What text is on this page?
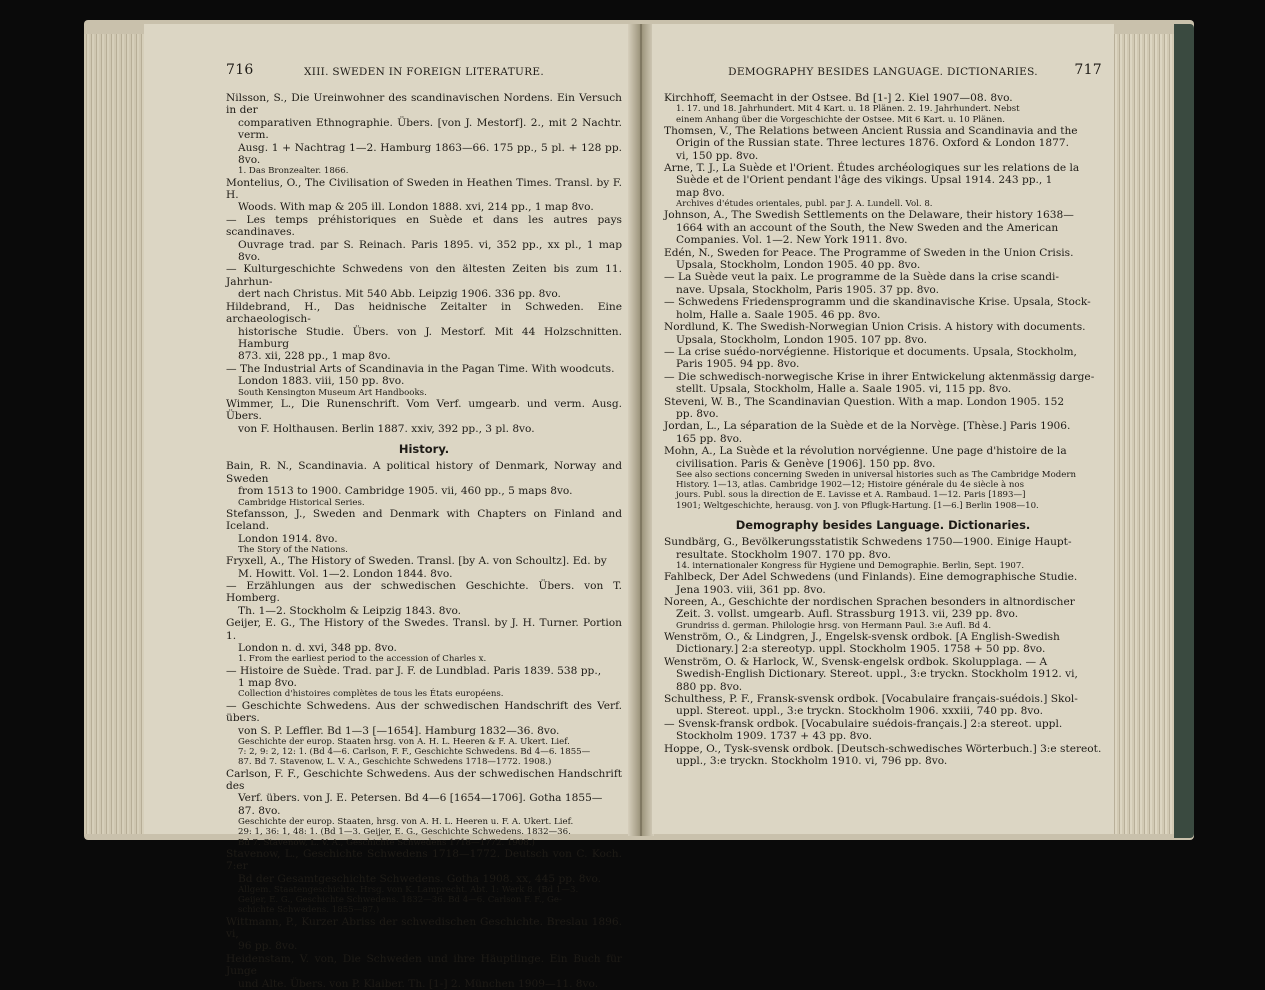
716	XIII. SWEDEN IN FOREIGN LITERATURE.
Nilsson, S., Die Ureinwohner des scandinavischen Nordens. Ein Versuch in der
comparativen Ethnographie. Übers. [von J. Mestorf]. 2., mit 2 Nachtr. verm.
Ausg. 1 + Nachtrag 1—2. Hamburg 1863—66. 175 pp., 5 pl. + 128 pp. 8vo.
1. Das Bronzealter. 1866.
Montelius, O., The Civilisation of Sweden in Heathen Times. Transl. by F. H.
Woods. With map & 205 ill. London 1888. xvi, 214 pp., 1 map 8vo.
— Les temps préhistoriques en Suède et dans les autres pays scandinaves.
Ouvrage trad. par S. Reinach. Paris 1895. vi, 352 pp., xx pl., 1 map 8vo.
— Kulturgeschichte Schwedens von den ältesten Zeiten bis zum 11. Jahrhun-
dert nach Christus. Mit 540 Abb. Leipzig 1906. 336 pp. 8vo.
Hildebrand, H., Das heidnische Zeitalter in Schweden. Eine archaeologisch-
historische Studie. Übers. von J. Mestorf. Mit 44 Holzschnitten. Hamburg
873. xii, 228 pp., 1 map 8vo.
— The Industrial Arts of Scandinavia in the Pagan Time. With woodcuts.
London 1883. viii, 150 pp. 8vo.
South Kensington Museum Art Handbooks.
Wimmer, L., Die Runenschrift. Vom Verf. umgearb. und verm. Ausg. Übers.
von F. Holthausen. Berlin 1887. xxiv, 392 pp., 3 pl. 8vo.
History.
Bain, R. N., Scandinavia. A political history of Denmark, Norway and Sweden
from 1513 to 1900. Cambridge 1905. vii, 460 pp., 5 maps 8vo.
Cambridge Historical Series.
Stefansson, J., Sweden and Denmark with Chapters on Finland and Iceland.
London 1914. 8vo.
The Story of the Nations.
Fryxell, A., The History of Sweden. Transl. [by A. von Schoultz]. Ed. by
M. Howitt. Vol. 1—2. London 1844. 8vo.
— Erzählungen aus der schwedischen Geschichte. Übers. von T. Homberg.
Th. 1—2. Stockholm & Leipzig 1843. 8vo.
Geijer, E. G., The History of the Swedes. Transl. by J. H. Turner. Portion 1.
London n. d. xvi, 348 pp. 8vo.
1. From the earliest period to the accession of Charles x.
— Histoire de Suède. Trad. par J. F. de Lundblad. Paris 1839. 538 pp.,
1 map 8vo.
Collection d'histoires complètes de tous les États européens.
— Geschichte Schwedens. Aus der schwedischen Handschrift des Verf. übers.
von S. P. Leffler. Bd 1—3 [—1654]. Hamburg 1832—36. 8vo.
Geschichte der europ. Staaten hrsg. von A. H. L. Heeren & F. A. Ukert. Lief.
7: 2, 9: 2, 12: 1. (Bd 4—6. Carlson, F. F., Geschichte Schwedens. Bd 4—6. 1855—
87. Bd 7. Stavenow, L. V. A., Geschichte Schwedens 1718—1772. 1908.)
Carlson, F. F., Geschichte Schwedens. Aus der schwedischen Handschrift des
Verf. übers. von J. E. Petersen. Bd 4—6 [1654—1706]. Gotha 1855—
87. 8vo.
Geschichte der europ. Staaten, hrsg. von A. H. L. Heeren u. F. A. Ukert. Lief.
29: 1, 36: 1, 48: 1. (Bd 1—3. Geijer, E. G., Geschichte Schwedens. 1832—36.
Bd 7. Stavenow, L. V. A., Geschichte Schwedens 1718—1772. 1908.)
Stavenow, L., Geschichte Schwedens 1718—1772. Deutsch von C. Koch. 7:er
Bd der Gesamtgeschichte Schwedens. Gotha 1908. xx, 445 pp. 8vo.
Allgem. Staatengeschichte. Hrsg. von K. Lamprecht. Abt. 1: Werk 8. (Bd 1—3.
Geijer, E. G., Geschichte Schwedens. 1832—36. Bd 4—6. Carlson F. F., Ge-
schichte Schwedens. 1855—87.)
Wittmann, P., Kurzer Abriss der schwedischen Geschichte. Breslau 1896. vi,
96 pp. 8vo.
Heidenstam, V. von, Die Schweden und ihre Häuptlinge. Ein Buch für Junge
und Alte. Übers. von P. Klaiber. Th. [1-] 2. München 1909—11. 8vo.
DEMOGRAPHY BESIDES LANGUAGE. DICTIONARIES.	717
Kirchhoff, Seemacht in der Ostsee. Bd [1-] 2. Kiel 1907—08. 8vo.
1. 17. und 18. Jahrhundert. Mit 4 Kart. u. 18 Plänen. 2. 19. Jahrhundert. Nebst
einem Anhang über die Vorgeschichte der Ostsee. Mit 6 Kart. u. 10 Plänen.
Thomsen, V., The Relations between Ancient Russia and Scandinavia and the
Origin of the Russian state. Three lectures 1876. Oxford & London 1877.
vi, 150 pp. 8vo.
Arne, T. J., La Suède et l'Orient. Études archéologiques sur les relations de la
Suède et de l'Orient pendant l'âge des vikings. Upsal 1914. 243 pp., 1
map 8vo.
Archives d'études orientales, publ. par J. A. Lundell. Vol. 8.
Johnson, A., The Swedish Settlements on the Delaware, their history 1638—
1664 with an account of the South, the New Sweden and the American
Companies. Vol. 1—2. New York 1911. 8vo.
Edén, N., Sweden for Peace. The Programme of Sweden in the Union Crisis.
Upsala, Stockholm, London 1905. 40 pp. 8vo.
— La Suède veut la paix. Le programme de la Suède dans la crise scandi-
nave. Upsala, Stockholm, Paris 1905. 37 pp. 8vo.
— Schwedens Friedensprogramm und die skandinavische Krise. Upsala, Stock-
holm, Halle a. Saale 1905. 46 pp. 8vo.
Nordlund, K. The Swedish-Norwegian Union Crisis. A history with documents.
Upsala, Stockholm, London 1905. 107 pp. 8vo.
— La crise suédo-norvégienne. Historique et documents. Upsala, Stockholm,
Paris 1905. 94 pp. 8vo.
— Die schwedisch-norwegische Krise in ihrer Entwickelung aktenmässig darge-
stellt. Upsala, Stockholm, Halle a. Saale 1905. vi, 115 pp. 8vo.
Steveni, W. B., The Scandinavian Question. With a map. London 1905. 152
pp. 8vo.
Jordan, L., La séparation de la Suède et de la Norvège. [Thèse.] Paris 1906.
165 pp. 8vo.
Mohn, A., La Suède et la révolution norvégienne. Une page d'histoire de la
civilisation. Paris & Genève [1906]. 150 pp. 8vo.
See also sections concerning Sweden in universal histories such as The Cambridge Modern
History. 1—13, atlas. Cambridge 1902—12; Histoire générale du 4e siècle à nos
jours. Publ. sous la direction de E. Lavisse et A. Rambaud. 1—12. Paris [1893—]
1901; Weltgeschichte, herausg. von J. von Pflugk-Hartung. [1—6.] Berlin 1908—10.
Demography besides Language. Dictionaries.
Sundbärg, G., Bevölkerungsstatistik Schwedens 1750—1900. Einige Haupt-
resultate. Stockholm 1907. 170 pp. 8vo.
14. internationaler Kongress für Hygiene und Demographie. Berlin, Sept. 1907.
Fahlbeck, Der Adel Schwedens (und Finlands). Eine demographische Studie.
Jena 1903. viii, 361 pp. 8vo.
Noreen, A., Geschichte der nordischen Sprachen besonders in altnordischer
Zeit. 3. vollst. umgearb. Aufl. Strassburg 1913. vii, 239 pp. 8vo.
Grundriss d. german. Philologie hrsg. von Hermann Paul. 3:e Aufl. Bd 4.
Wenström, O., & Lindgren, J., Engelsk-svensk ordbok. [A English-Swedish
Dictionary.] 2:a stereotyp. uppl. Stockholm 1905. 1758 + 50 pp. 8vo.
Wenström, O. & Harlock, W., Svensk-engelsk ordbok. Skolupplaga. — A
Swedish-English Dictionary. Stereot. uppl., 3:e tryckn. Stockholm 1912. vi,
880 pp. 8vo.
Schulthess, P. F., Fransk-svensk ordbok. [Vocabulaire français-suédois.] Skol-
uppl. Stereot. uppl., 3:e tryckn. Stockholm 1906. xxxiii, 740 pp. 8vo.
— Svensk-fransk ordbok. [Vocabulaire suédois-français.] 2:a stereot. uppl.
Stockholm 1909. 1737 + 43 pp. 8vo.
Hoppe, O., Tysk-svensk ordbok. [Deutsch-schwedisches Wörterbuch.] 3:e stereot.
uppl., 3:e tryckn. Stockholm 1910. vi, 796 pp. 8vo.
